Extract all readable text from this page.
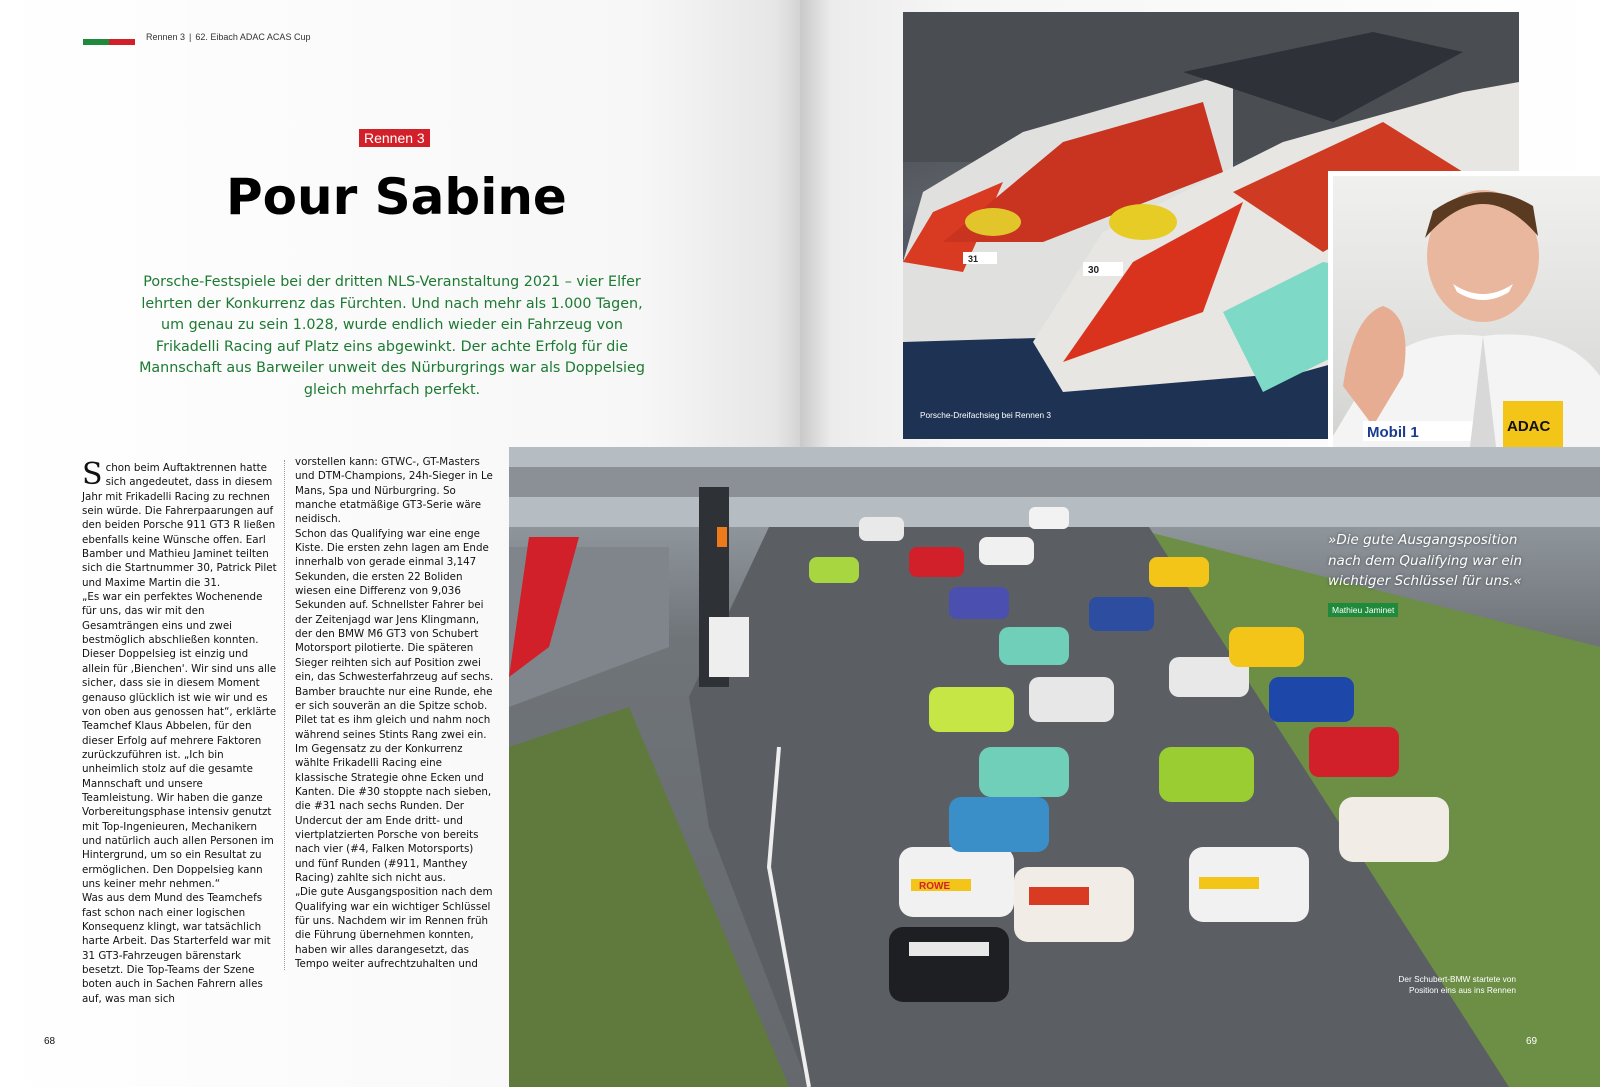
Rennen 3 | 62. Eibach ADAC ACAS Cup
Rennen 3
Pour Sabine
Porsche-Festspiele bei der dritten NLS-Veranstaltung 2021 – vier Elfer lehrten der Konkurrenz das Fürchten. Und nach mehr als 1.000 Tagen, um genau zu sein 1.028, wurde endlich wieder ein Fahrzeug von Frikadelli Racing auf Platz eins abgewinkt. Der achte Erfolg für die Mannschaft aus Barweiler unweit des Nürburgrings war als Doppelsieg gleich mehrfach perfekt.
Schon beim Auftaktrennen hatte sich angedeutet, dass in diesem Jahr mit Frikadelli Racing zu rechnen sein würde. Die Fahrerpaarungen auf den beiden Porsche 911 GT3 R ließen ebenfalls keine Wünsche offen. Earl Bamber und Mathieu Jaminet teilten sich die Startnummer 30, Patrick Pilet und Maxime Martin die 31.
„Es war ein perfektes Wochenende für uns, das wir mit den Gesamträngen eins und zwei bestmöglich abschließen konnten. Dieser Doppelsieg ist einzig und allein für ‚Bienchen'. Wir sind uns alle sicher, dass sie in diesem Moment genauso glücklich ist wie wir und es von oben aus genossen hat“, erklärte Teamchef Klaus Abbelen, für den dieser Erfolg auf mehrere Faktoren zurückzuführen ist. „Ich bin unheimlich stolz auf die gesamte Mannschaft und unsere Teamleistung. Wir haben die ganze Vorbereitungsphase intensiv genutzt mit Top-Ingenieuren, Mechanikern und natürlich auch allen Personen im Hintergrund, um so ein Resultat zu ermöglichen. Den Doppelsieg kann uns keiner mehr nehmen.“
Was aus dem Mund des Teamchefs fast schon nach einer logischen Konsequenz klingt, war tatsächlich harte Arbeit. Das Starterfeld war mit 31 GT3-Fahrzeugen bärenstark besetzt. Die Top-Teams der Szene boten auch in Sachen Fahrern alles auf, was man sich
vorstellen kann: GTWC-, GT-Masters und DTM-Champions, 24h-Sieger in Le Mans, Spa und Nürburgring. So manche etatmäßige GT3-Serie wäre neidisch.
Schon das Qualifying war eine enge Kiste. Die ersten zehn lagen am Ende innerhalb von gerade einmal 3,147 Sekunden, die ersten 22 Boliden wiesen eine Differenz von 9,036 Sekunden auf. Schnellster Fahrer bei der Zeitenjagd war Jens Klingmann, der den BMW M6 GT3 von Schubert Motorsport pilotierte. Die späteren Sieger reihten sich auf Position zwei ein, das Schwesterfahrzeug auf sechs. Bamber brauchte nur eine Runde, ehe er sich souverän an die Spitze schob. Pilet tat es ihm gleich und nahm noch während seines Stints Rang zwei ein. Im Gegensatz zu der Konkurrenz wählte Frikadelli Racing eine klassische Strategie ohne Ecken und Kanten. Die #30 stoppte nach sieben, die #31 nach sechs Runden. Der Undercut der am Ende dritt- und viertplatzierten Porsche von bereits nach vier (#4, Falken Motorsports) und fünf Runden (#911, Manthey Racing) zahlte sich nicht aus.
„Die gute Ausgangsposition nach dem Qualifying war ein wichtiger Schlüssel für uns. Nachdem wir im Rennen früh die Führung übernehmen konnten, haben wir alles darangesetzt, das Tempo weiter aufrechtzuhalten und
68
30
31
Porsche-Dreifachsieg bei Rennen 3
Mobil 1	ADAC
ROWE
Der Schubert-BMW startete von Position eins aus ins Rennen
»Die gute Ausgangsposition nach dem Qualifying war ein wichtiger Schlüssel für uns.«
Mathieu Jaminet
69
